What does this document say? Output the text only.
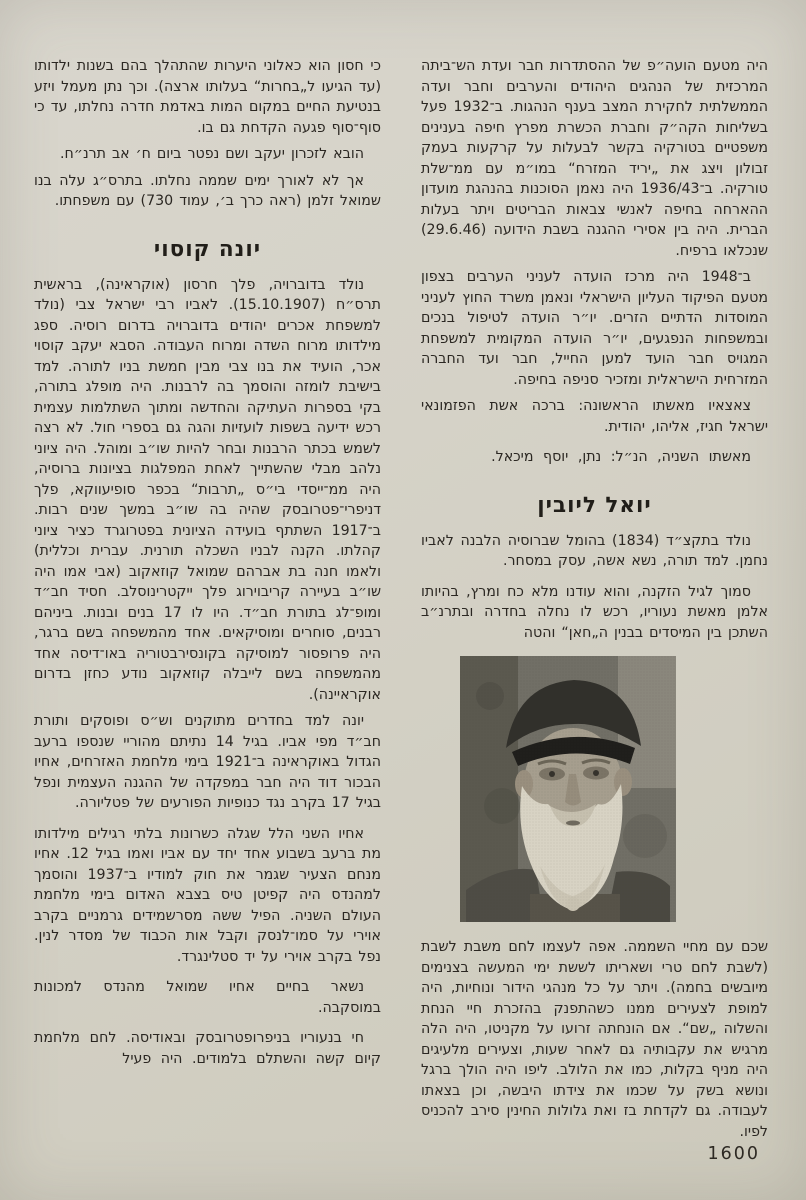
היה מטעם הועה״פ של ההסתדרות חבר ועדת הש־ביתה המרכזית של הנהגים היהודים והערבים וחבר ועדה הממשלתית לחקירת המצב בענף הנהגות. ב־1932 פעל בשליחות הקה״ק וחברת הכשרת מפרץ חיפה בענינים משפטיים בטורקיה בקשר לבעלות על קרקעות בעמק זבולון ויצג את „יריד המזרח“ במו״מ עם ממ־שלת טורקיה. ב־1936/43 היה נאמן הסוכנות בהנהגת מועדון ההארחה בחיפה לאנשי צבאות הבריטים ויתר בעלות הברית. היה בין אסירי ההגנה בשבת הידועה (29.6.46) שנכלאו ברפיח.

ב־1948 היה מרכז הועדה לעניני הערבים בצפון מטעם הפיקוד העליון הישראלי ונאמן משרד החוץ לעניני המוסדות הדתיים הזרים. יו״ר הועדה לטיפול בנכים ובמשפחות הנפגעים, יו״ר הועדה המקומית למשפחת המגויס חבר הועד למען החייל, חבר ועד החברה המזרחית הישראלית ומזכיר סניפה בחיפה.

צאצאיו מאשתו הראשונה: ברכה אשת הפזמונאי ישראל חגיז, אליהו, יהודית.

מאשתו השניה, הנ״ל: נתן, יוסף מיכאל.

יואל ליובין

נולד בתקצ״ד (1834) בהומל שברוסיה הלבנה לאביו נחמן. למד תורה, נשא אשה, עסק במסחר.

סמוך לגיל הזקנה, והוא עודנו מלא כח ומרץ, בהיותו אלמן מאשת נעוריו, רכש לו נחלה בחדרה ובתרנ״ב השתכן בין המיסדים בבנין ה„חאן“ והטה

שכם עם מחיי השממה. אפה לעצמו לחם משבת לשבת (לשבת לחם טרי ושאריתו לששת ימי המעשה בצנימים מיובשים בחמה). ויתר על כל מנהגי הידור ונוחיות, היה למופת לצעירים ממנו כשהתפנק בהזכרת חיי הנחת והשלוה „שם“. אם הונחתה זרועו על מקניטו, היה הלה מרגיש את עקבותיה גם לאחר שעות, וצעירים מלעיגים היה מניף בקלות, כמו את הלולב. ליפו היה הולך ברגל ונושא בשק על שכמו את צידתו היבשה, וכן בצאתו לעבודה. גם לקדחת בז ואת גלולות החינין סירב להכניס לפיו.

כי חסון הוא כאלוני היערות שהתהלך בהם בשנות ילדותו (עד הגיעו ל„בחרות“ בעלותו ארצה). וכך נתן מעמל ויזע בנטיעת החיים במקום המות באדמת חדרה נחלתו, עד כי סוף־סוף פגעה הקדחת גם בו.

הובא לזכרון יעקב ושם נפטר ביום ח׳ אב תרנ״ח.

אך לא לאורך ימים שממה נחלתו. בתרס״ג עלה בנו שמואל זלמן (ראה כרך ב׳, עמוד 730) עם משפחתו.

יונה קוסוי

נולד בדוברויה, פלך חרסון (אוקראינה), בראשית תרס״ח (15.10.1907). לאביו רבי ישראל צבי (נולד למשפחת אכרים יהודים בדוברויה בדרום רוסיה. ספג מילדותו מרוח השדה ומרוח העבודה. הסבא יעקב קוסוי אכר, הועיד את בנו צבי מבין חמשת בניו לתורה. למד בישיבת לומזה והוסמך בה לרבנות. היה מופלג בתורה, בקי בספרות העתיקה והחדשה ומתוך השתלמות עצמית רכש ידיעה בשפות לועזיות והגה גם בספרי חול. לא רצה לשמש בכתר הרבנות ובחר להיות שו״ב ומוהל. היה ציוני נלהב מבלי שהשתייך לאחת המפלגות בציונות ברוסיה, היה ממ־ייסדי בי״ס „תרבות“ בכפר סופיעווקא, פלך דניפרי־פטרובסק שהיה בה שו״ב במשך שנים רבות. ב־1917 השתתף בועידה הציונית בפטרוגרד כציר ציוני קהלתו. הקנה לבניו השכלה תורנית. עברית וכללית) ולאמו חנה בת אברהם שמואל קוזאקוב (אבי אמו היה שו״ב בעיירה קריבוירוג פלך ייקטרינוסלב. חסיד חב״ד ומופ־לג בתורת חב״ד. היו לו 17 בנים ובנות. ביניהם רבנים, סוחרים ומוסיקאים. אחד מהמשפחה בשם ברגר, היה פרופסור למוסיקה בקונסירבטוריה באו־דיסה אחד מהמשפחה בשם לייבלה קוזאקוב נודע כחזן בדרום אוקראיינה).

יונה למד בחדרים מתוקנים וש״ס ופוסקים ותורת חב״ד מפי אביו. בגיל 14 נתיתם מהוריי שנספו ברעב הגדול באוקראינה ב־1921 בימי מלחמת האזרחים, אחיו הבכור דוד היה חבר במפקדה של ההגנה העצמית ונפל בגיל 17 בקרב נגד כנופיות הפורעים של פטליורה.

אחיו השני הלל שגלה כשרונות בלתי רגילים מילדותו מת ברעב בשבוע אחד יחד עם אביו ואמו בגיל 12. אחיו מנחם הצעיר שגמר את חוק למודיו ב־1937 והוסמך למהנדס היה קפיטן טיס בצבא האדום בימי מלחמת העולם השניה. הפיל ששה מסרשמידים גרמניים בקרב אוירי על סמו־לנסק וקבל אות הכבוד של מסדר לנין. נפל בקרב אוירי על יד סטלינגרד.

נשאר בחיים אחיו שמואל מהנדס למכונות במוסקבה.

חי בנעוריו בניפרופטרובסק ובאודיסה. לחם מלחמת קיום קשה והשתלם בלמודים. היה פעיל

1600
